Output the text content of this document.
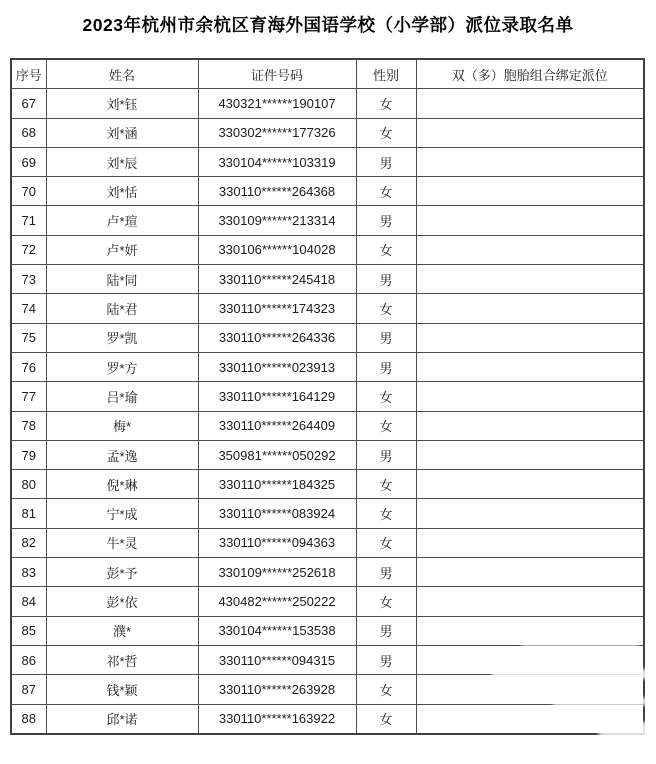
2023年杭州市余杭区育海外国语学校（小学部）派位录取名单
序号	姓名	证件号码	性别	双（多）胞胎组合绑定派位
67	刘*钰	430321******190107	女	
68	刘*涵	330302******177326	女	
69	刘*辰	330104******103319	男	
70	刘*恬	330110******264368	女	
71	卢*瑄	330109******213314	男	
72	卢*妍	330106******104028	女	
73	陆*同	330110******245418	男	
74	陆*君	330110******174323	女	
75	罗*凯	330110******264336	男	
76	罗*方	330110******023913	男	
77	吕*瑜	330110******164129	女	
78	梅*	330110******264409	女	
79	孟*逸	350981******050292	男	
80	倪*琳	330110******184325	女	
81	宁*成	330110******083924	女	
82	牛*灵	330110******094363	女	
83	彭*予	330109******252618	男	
84	彭*依	430482******250222	女	
85	濮*	330104******153538	男	
86	祁*哲	330110******094315	男	
87	钱*颖	330110******263928	女	
88	邱*诺	330110******163922	女	
